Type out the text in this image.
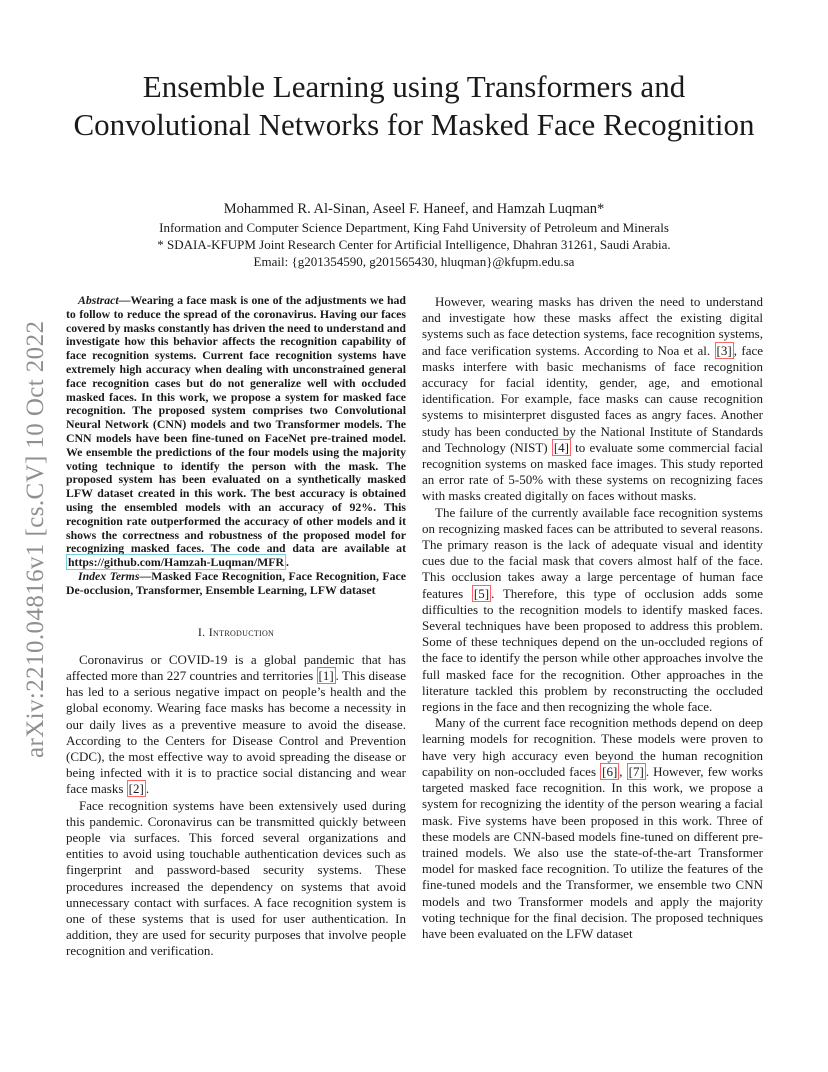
arXiv:2210.04816v1 [cs.CV] 10 Oct 2022
Ensemble Learning using Transformers and Convolutional Networks for Masked Face Recognition
Mohammed R. Al-Sinan, Aseel F. Haneef, and Hamzah Luqman*
Information and Computer Science Department, King Fahd University of Petroleum and Minerals
* SDAIA-KFUPM Joint Research Center for Artificial Intelligence, Dhahran 31261, Saudi Arabia.
Email: {g201354590, g201565430, hluqman}@kfupm.edu.sa

Abstract—Wearing a face mask is one of the adjustments we had to follow to reduce the spread of the coronavirus. Having our faces covered by masks constantly has driven the need to understand and investigate how this behavior affects the recognition capability of face recognition systems. Current face recognition systems have extremely high accuracy when dealing with unconstrained general face recognition cases but do not generalize well with occluded masked faces. In this work, we propose a system for masked face recognition. The proposed system comprises two Convolutional Neural Network (CNN) models and two Transformer models. The CNN models have been fine-tuned on FaceNet pre-trained model. We ensemble the predictions of the four models using the majority voting technique to identify the person with the mask. The proposed system has been evaluated on a synthetically masked LFW dataset created in this work. The best accuracy is obtained using the ensembled models with an accuracy of 92%. This recognition rate outperformed the accuracy of other models and it shows the correctness and robustness of the proposed model for recognizing masked faces. The code and data are available at https://github.com/Hamzah-Luqman/MFR .

Index Terms—Masked Face Recognition, Face Recognition, Face De-occlusion, Transformer, Ensemble Learning, LFW dataset

I. Introduction

Coronavirus or COVID-19 is a global pandemic that has affected more than 227 countries and territories [1] . This disease has led to a serious negative impact on people’s health and the global economy. Wearing face masks has become a necessity in our daily lives as a preventive measure to avoid the disease. According to the Centers for Disease Control and Prevention (CDC), the most effective way to avoid spreading the disease or being infected with it is to practice social distancing and wear face masks [2] .

Face recognition systems have been extensively used during this pandemic. Coronavirus can be transmitted quickly between people via surfaces. This forced several organizations and entities to avoid using touchable authentication devices such as fingerprint and password-based security systems. These procedures increased the dependency on systems that avoid unnecessary contact with surfaces. A face recognition system is one of these systems that is used for user authentication. In addition, they are used for security purposes that involve people recognition and verification.

However, wearing masks has driven the need to understand and investigate how these masks affect the existing digital systems such as face detection systems, face recognition systems, and face verification systems. According to Noa et al. [3] , face masks interfere with basic mechanisms of face recognition accuracy for facial identity, gender, age, and emotional identification. For example, face masks can cause recognition systems to misinterpret disgusted faces as angry faces. Another study has been conducted by the National Institute of Standards and Technology (NIST) [4] to evaluate some commercial facial recognition systems on masked face images. This study reported an error rate of 5-50% with these systems on recognizing faces with masks created digitally on faces without masks.

The failure of the currently available face recognition systems on recognizing masked faces can be attributed to several reasons. The primary reason is the lack of adequate visual and identity cues due to the facial mask that covers almost half of the face. This occlusion takes away a large percentage of human face features [5] . Therefore, this type of occlusion adds some difficulties to the recognition models to identify masked faces. Several techniques have been proposed to address this problem. Some of these techniques depend on the un-occluded regions of the face to identify the person while other approaches involve the full masked face for the recognition. Other approaches in the literature tackled this problem by reconstructing the occluded regions in the face and then recognizing the whole face.

Many of the current face recognition methods depend on deep learning models for recognition. These models were proven to have very high accuracy even beyond the human recognition capability on non-occluded faces [6] , [7] . However, few works targeted masked face recognition. In this work, we propose a system for recognizing the identity of the person wearing a facial mask. Five systems have been proposed in this work. Three of these models are CNN-based models fine-tuned on different pre-trained models. We also use the state-of-the-art Transformer model for masked face recognition. To utilize the features of the fine-tuned models and the Transformer, we ensemble two CNN models and two Transformer models and apply the majority voting technique for the final decision. The proposed techniques have been evaluated on the LFW dataset
